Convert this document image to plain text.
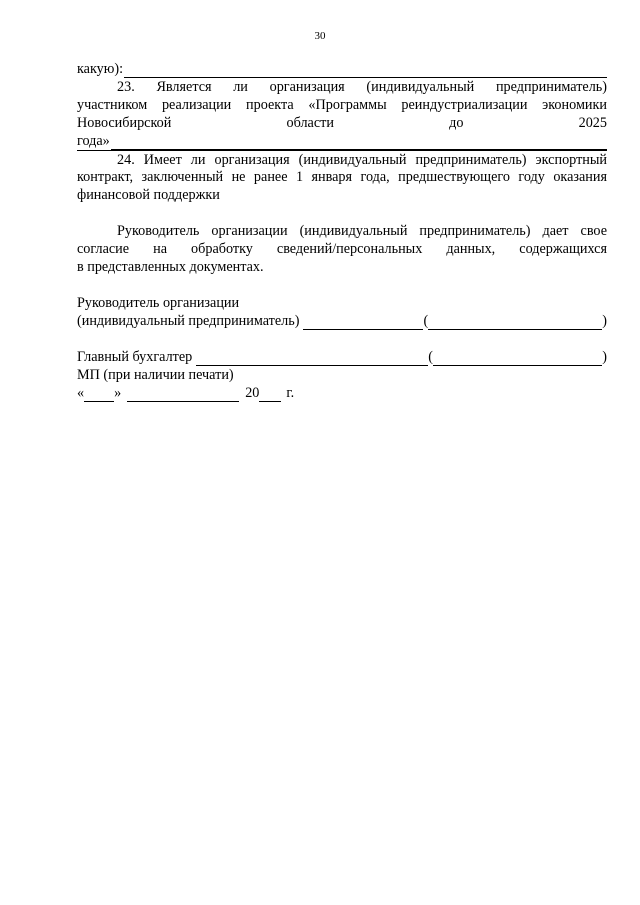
30
какую):
23. Является ли организация (индивидуальный предприниматель)
участником реализации проекта «Программы реиндустриализации экономики
Новосибирской области до 2025
года»
24. Имеет ли организация (индивидуальный предприниматель) экспортный
контракт, заключенный не ранее 1 января года, предшествующего году оказания
финансовой поддержки
Руководитель организации (индивидуальный предприниматель) дает свое
согласие на обработку сведений/персональных данных, содержащихся
в представленных документах.
Руководитель организации
(индивидуальный предприниматель)	(	)
Главный бухгалтер	(	)
МП (при наличии печати)
« »	20 г.
